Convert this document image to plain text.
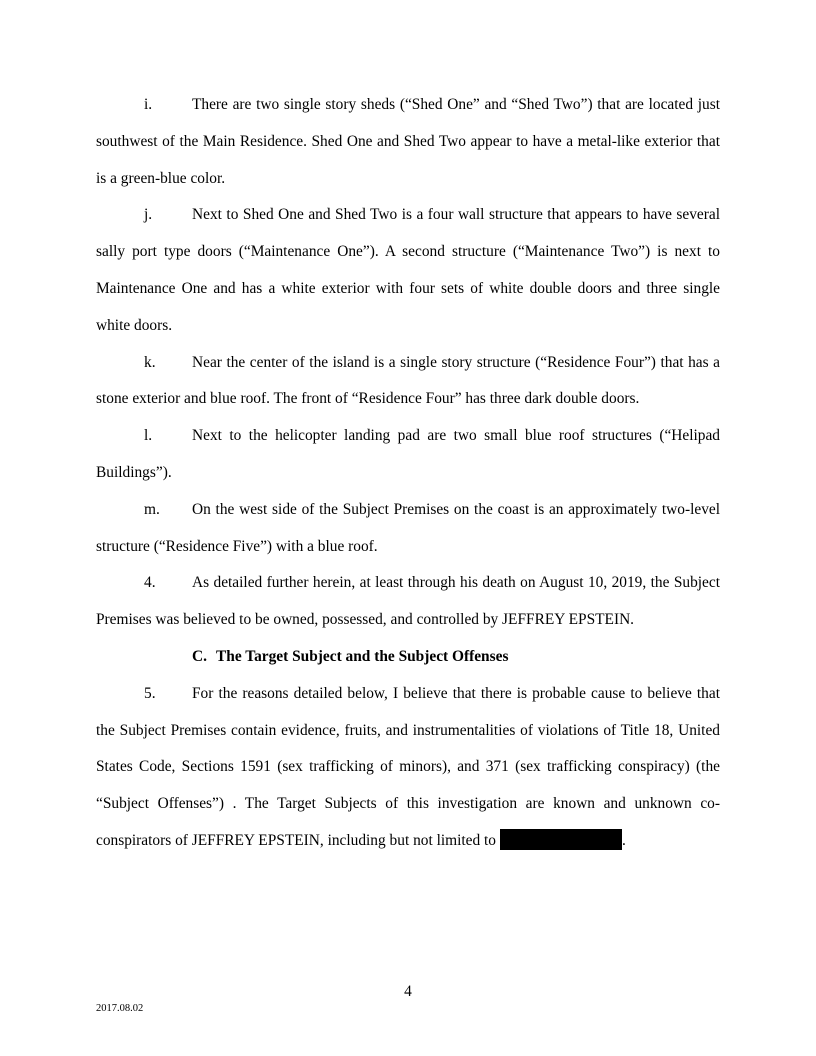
i.	There are two single story sheds (“Shed One” and “Shed Two”) that are located just southwest of the Main Residence. Shed One and Shed Two appear to have a metal-like exterior that is a green-blue color.

j.	Next to Shed One and Shed Two is a four wall structure that appears to have several sally port type doors (“Maintenance One”). A second structure (“Maintenance Two”) is next to Maintenance One and has a white exterior with four sets of white double doors and three single white doors.

k. Near the center of the island is a single story structure (“Residence Four”) that has a stone exterior and blue roof. The front of “Residence Four” has three dark double doors.

l.	Next to the helicopter landing pad are two small blue roof structures (“Helipad Buildings”).

m. On the west side of the Subject Premises on the coast is an approximately two-level structure (“Residence Five”) with a blue roof.

4. As detailed further herein, at least through his death on August 10, 2019, the Subject Premises was believed to be owned, possessed, and controlled by JEFFREY EPSTEIN.

C. The Target Subject and the Subject Offenses

5. For the reasons detailed below, I believe that there is probable cause to believe that the Subject Premises contain evidence, fruits, and instrumentalities of violations of Title 18, United States Code, Sections 1591 (sex trafficking of minors), and 371 (sex trafficking conspiracy) (the “Subject Offenses”) . The Target Subjects of this investigation are known and unknown co-conspirators of JEFFREY EPSTEIN, including but not limited to	.

4
2017.08.02
